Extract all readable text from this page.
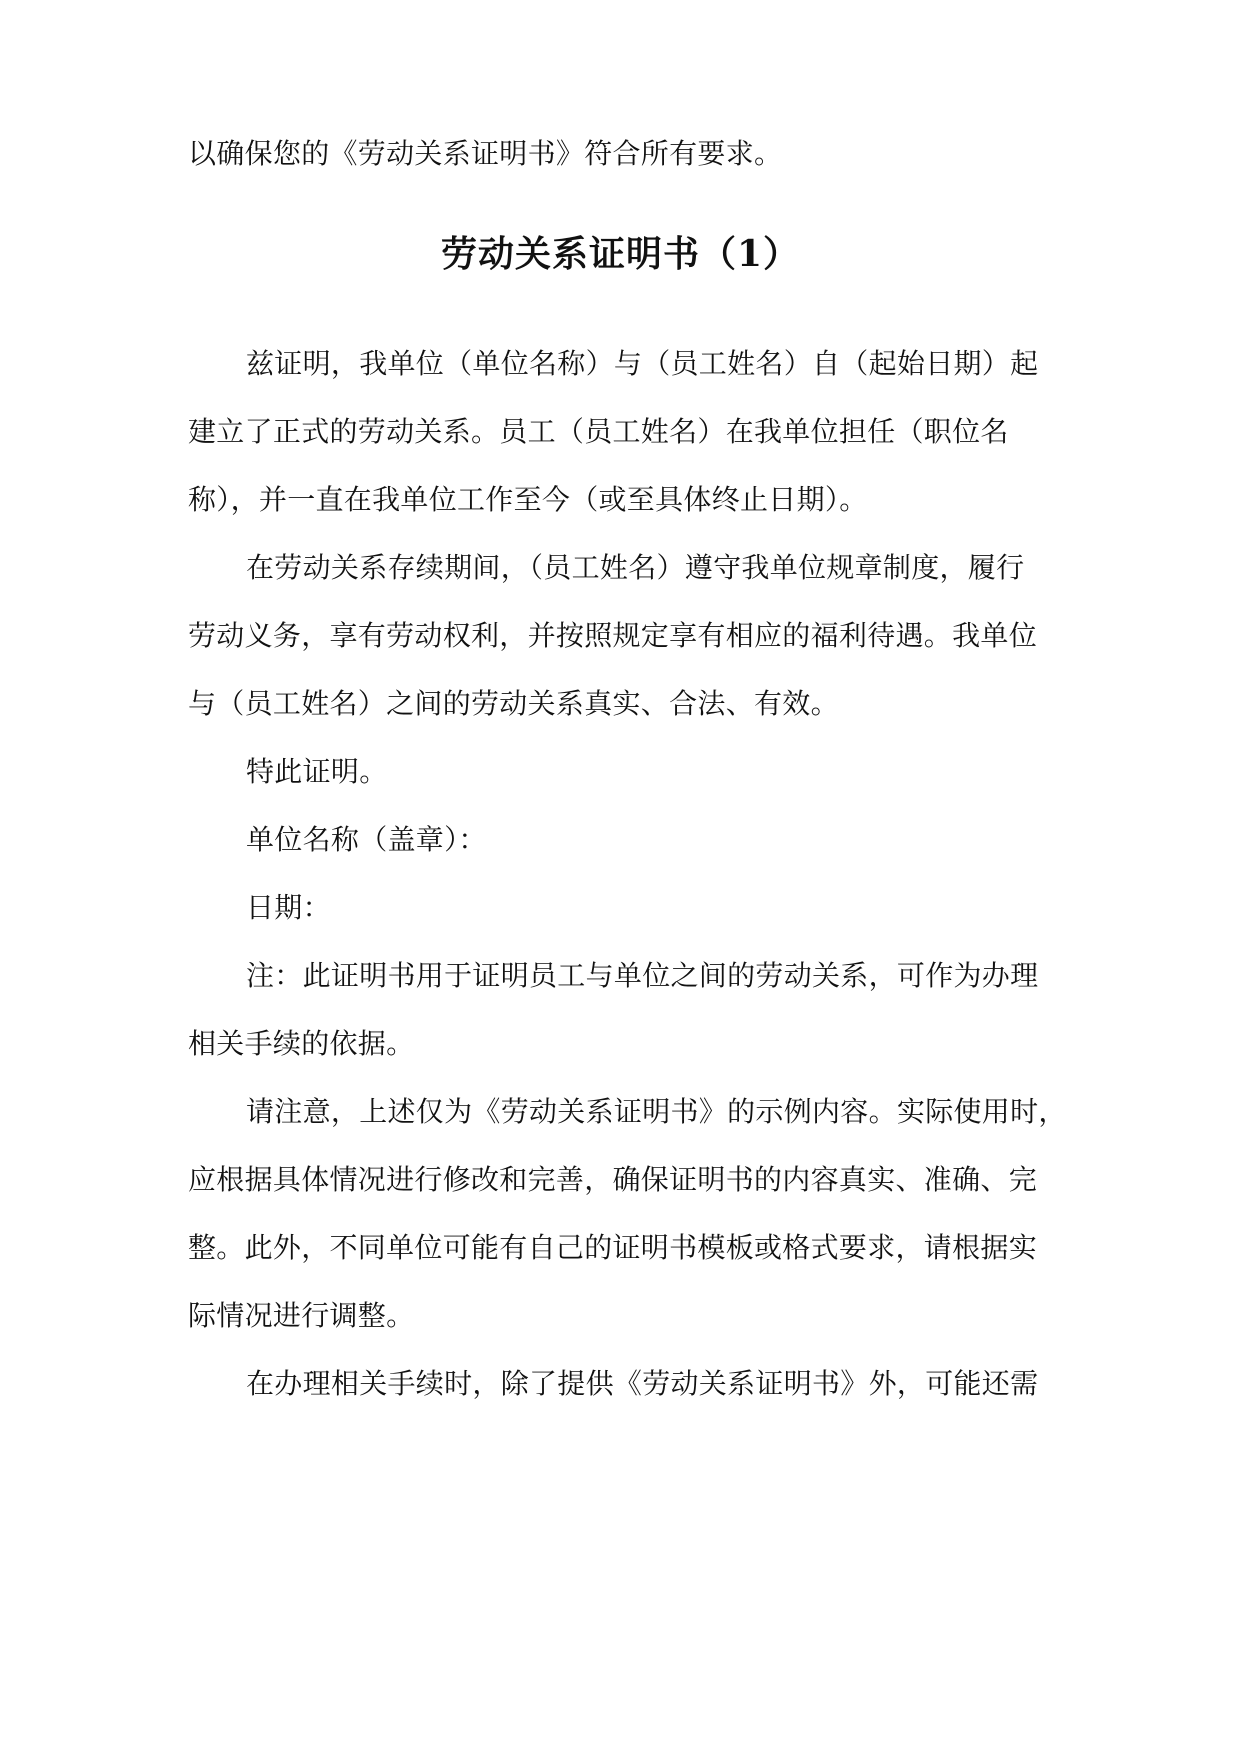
以确保您的《劳动关系证明书》符合所有要求。
劳动关系证明书（1）
兹证明，我单位（单位名称）与（员工姓名）自（起始日期）起
建立了正式的劳动关系。员工（员工姓名）在我单位担任（职位名
称），并一直在我单位工作至今（或至具体终止日期）。
在劳动关系存续期间，（员工姓名）遵守我单位规章制度，履行
劳动义务，享有劳动权利，并按照规定享有相应的福利待遇。我单位
与（员工姓名）之间的劳动关系真实、合法、有效。
特此证明。
单位名称（盖章）：
日期：
注：此证明书用于证明员工与单位之间的劳动关系，可作为办理
相关手续的依据。
请注意，上述仅为《劳动关系证明书》的示例内容。实际使用时，
应根据具体情况进行修改和完善，确保证明书的内容真实、准确、完
整。此外，不同单位可能有自己的证明书模板或格式要求，请根据实
际情况进行调整。
在办理相关手续时，除了提供《劳动关系证明书》外，可能还需
